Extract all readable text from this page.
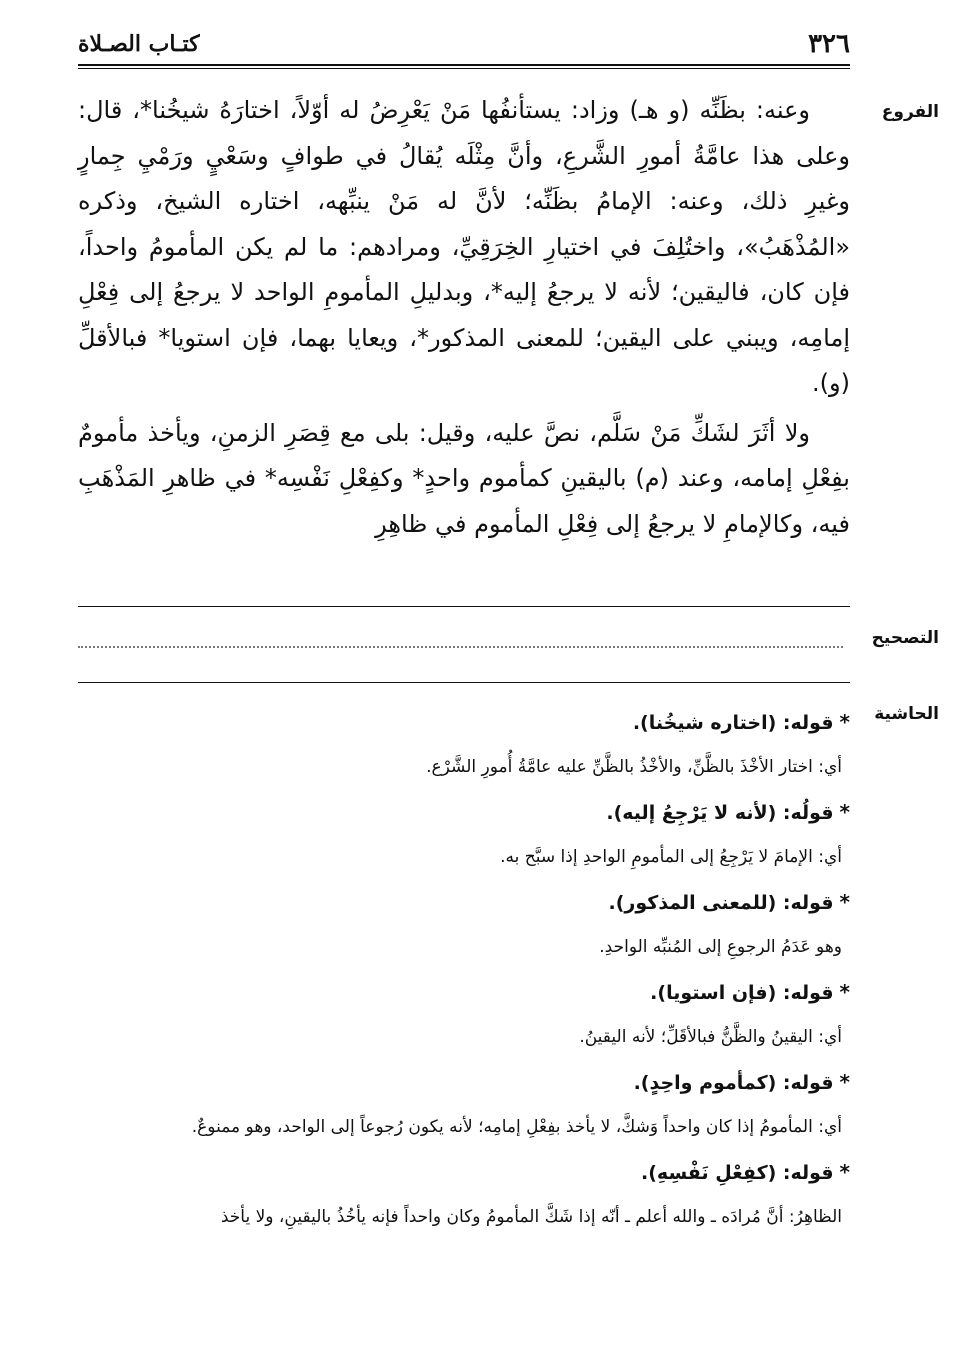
٣٢٦
كتـاب الصـلاة
الفروع
التصحيح
الحاشية

وعنه: بظَنِّه (و هـ) وزاد: يستأنفُها مَنْ يَعْرِضُ له أوّلاً، اختارَهُ شيخُنا*، قال: وعلى هذا عامَّةُ أمورِ الشَّرعِ، وأنَّ مِثْلَه يُقالُ في طوافٍ وسَعْيٍ ورَمْيِ جِمارٍ وغيرِ ذلك، وعنه: الإمامُ بظَنِّه؛ لأنَّ له مَنْ ينبِّهه، اختاره الشيخ، وذكره «المُذْهَبُ»، واختُلِفَ في اختيارِ الخِرَقِيِّ، ومرادهم: ما لم يكن المأمومُ واحداً، فإن كان، فاليقين؛ لأنه لا يرجعُ إليه*، وبدليلِ المأمومِ الواحد لا يرجعُ إلى فِعْلِ إمامِه، ويبني على اليقين؛ للمعنى المذكور*، ويعايا بهما، فإن استويا* فبالأقلِّ (و).

ولا أثَرَ لشَكِّ مَنْ سَلَّم، نصَّ عليه، وقيل: بلى مع قِصَرِ الزمنِ، ويأخذ مأمومٌ بفِعْلِ إمامه، وعند (م) باليقينِ كمأموم واحدٍ* وكفِعْلِ نَفْسِه* في ظاهرِ المَذْهَبِ فيه، وكالإمامِ لا يرجعُ إلى فِعْلِ المأموم في ظاهِرِ

*قوله: (اختاره شيخُنا).
أي: اختار الأخْذَ بالظَّنِّ، والأخْذُ بالظَّنِّ عليه عامَّةُ أُمورِ الشَّرْع.
*قولُه: (لأنه لا يَرْجِعُ إليه).
أي: الإمامَ لا يَرْجِعُ إلى المأمومِ الواحدِ إذا سبَّح به.
*قوله: (للمعنى المذكور).
وهو عَدَمُ الرجوعِ إلى المُنبِّه الواحدِ.
*قوله: (فإن استويا).
أي: اليقينُ والظَّنُّ فبالأقَلِّ؛ لأنه اليقينُ.
*قوله: (كمأموم واحِدٍ).
أي: المأمومُ إذا كان واحداً وَشكَّ، لا يأخذ بفِعْلِ إمامِه؛ لأنه يكون رُجوعاً إلى الواحد، وهو ممنوعٌ.
*قوله: (كفِعْلِ نَفْسِهِ).
الظاهِرُ: أنَّ مُرادَه ـ والله أعلم ـ أنّه إذا شَكَّ المأمومُ وكان واحداً فإنه يأخُذُ باليقينِ، ولا يأخذ
